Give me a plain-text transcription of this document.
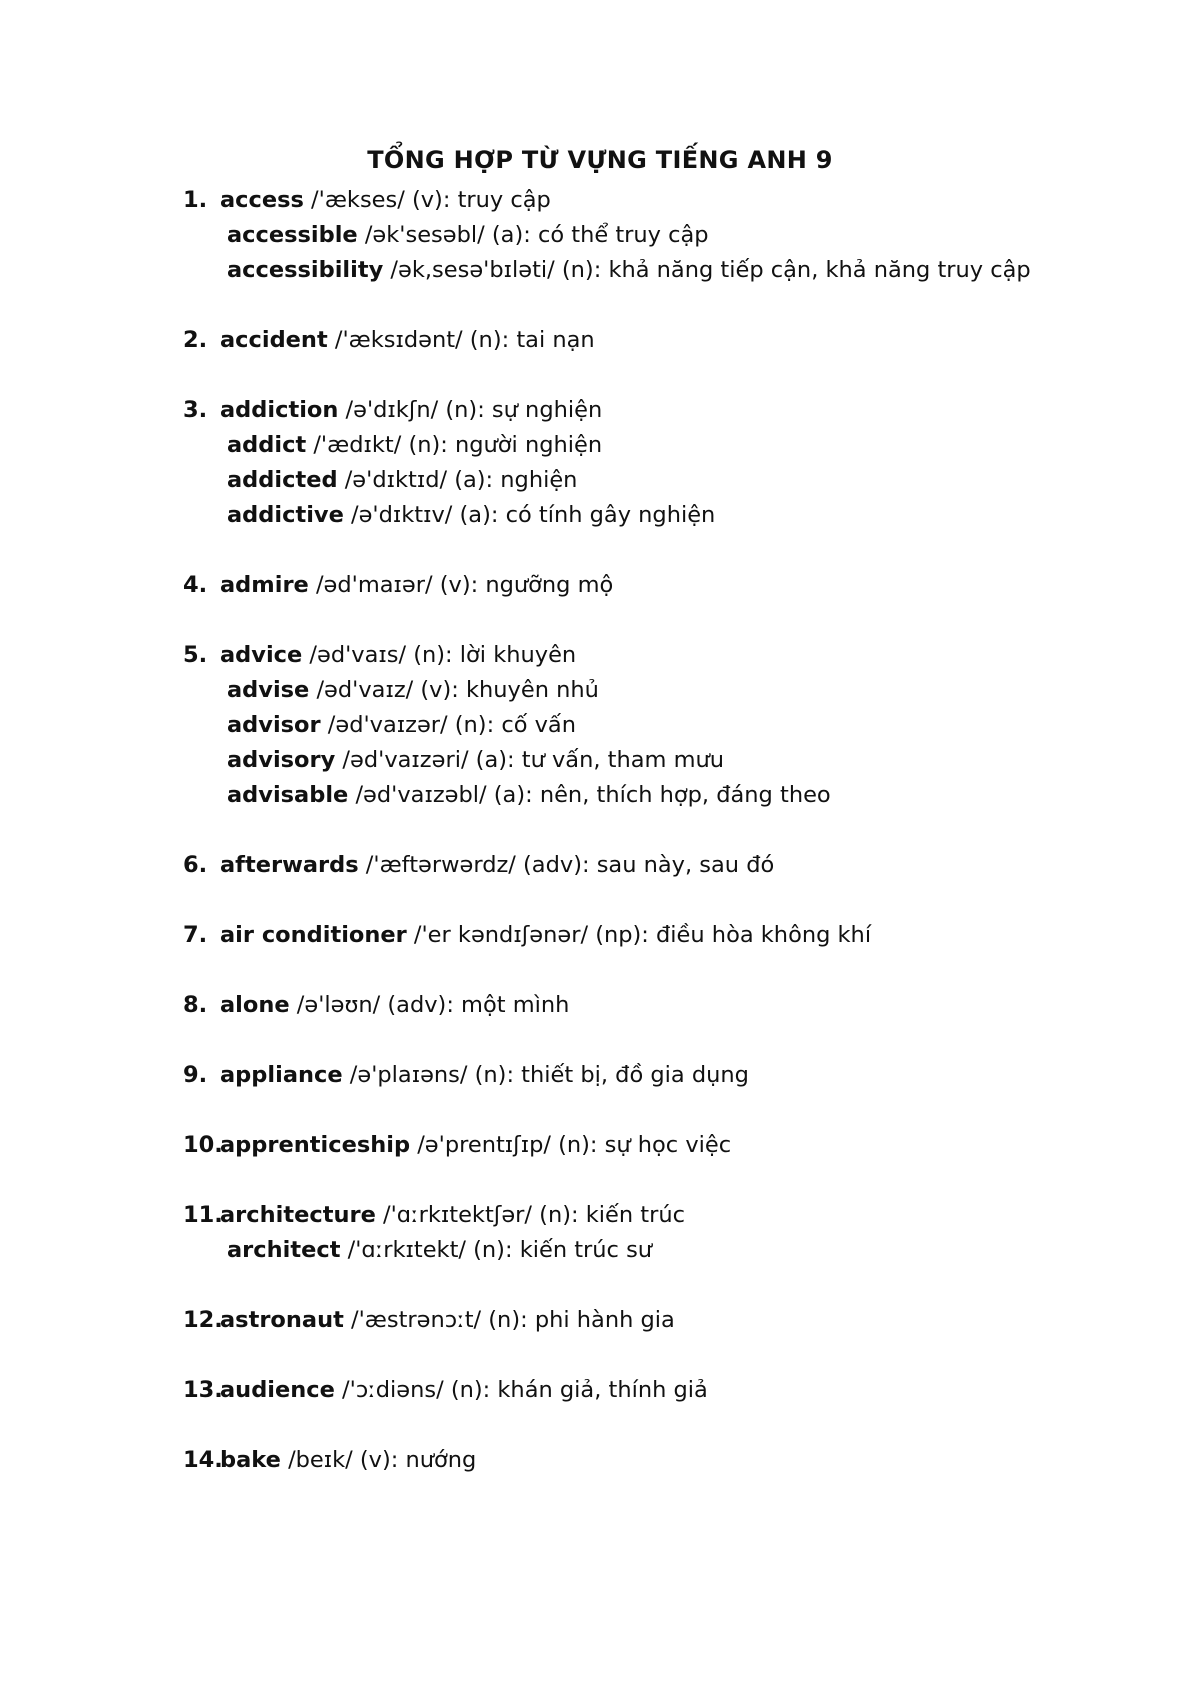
TỔNG HỢP TỪ VỰNG TIẾNG ANH 9
1. access /'ækses/ (v): truy cập
accessible /ək'sesəbl/ (a): có thể truy cập
accessibility /ək,sesə'bɪləti/ (n): khả năng tiếp cận, khả năng truy cập
2. accident /'æksɪdənt/ (n): tai nạn
3. addiction /ə'dɪkʃn/ (n): sự nghiện
addict /'ædɪkt/ (n): người nghiện
addicted /ə'dɪktɪd/ (a): nghiện
addictive /ə'dɪktɪv/ (a): có tính gây nghiện
4. admire /əd'maɪər/ (v): ngưỡng mộ
5. advice /əd'vaɪs/ (n): lời khuyên
advise /əd'vaɪz/ (v): khuyên nhủ
advisor /əd'vaɪzər/ (n): cố vấn
advisory /əd'vaɪzəri/ (a): tư vấn, tham mưu
advisable /əd'vaɪzəbl/ (a): nên, thích hợp, đáng theo
6. afterwards /'æftərwərdz/ (adv): sau này, sau đó
7. air conditioner /'er kəndɪʃənər/ (np): điều hòa không khí
8. alone /ə'ləʊn/ (adv): một mình
9. appliance /ə'plaɪəns/ (n): thiết bị, đồ gia dụng
10.
apprenticeship /ə'prentɪʃɪp/ (n): sự học việc
11.
architecture /'ɑːrkɪtektʃər/ (n): kiến trúc
architect /'ɑːrkɪtekt/ (n): kiến trúc sư
12.
astronaut /'æstrənɔːt/ (n): phi hành gia
13.
audience /'ɔːdiəns/ (n): khán giả, thính giả
14.
bake /beɪk/ (v): nướng
